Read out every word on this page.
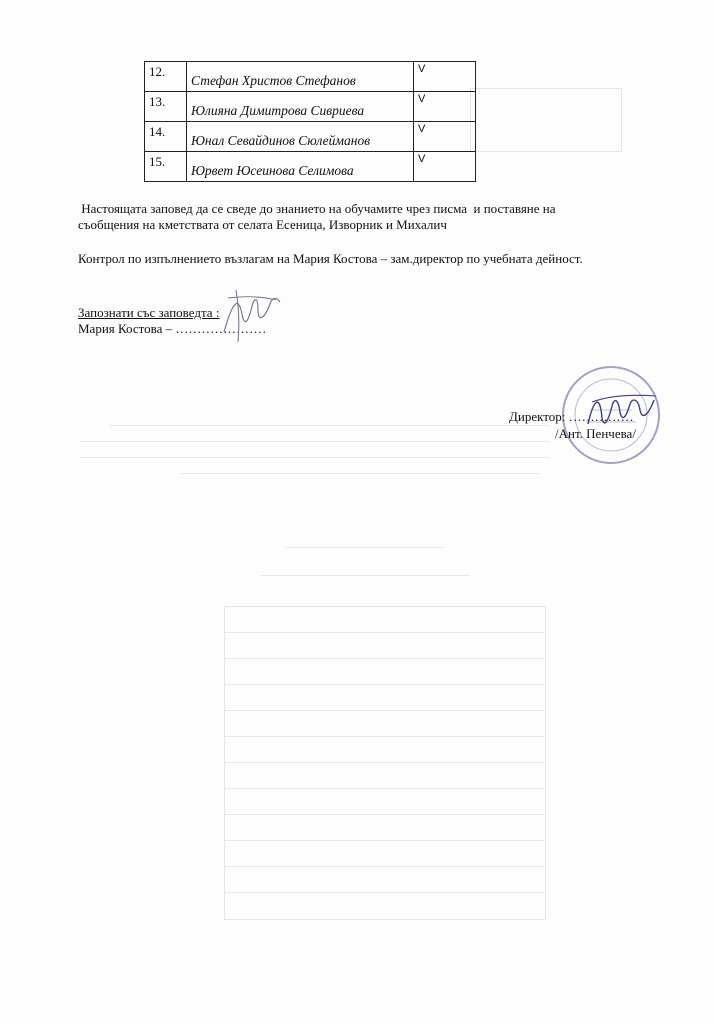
12.	Стефан Христов Стефанов	V
13.	Юлияна Димитрова Сивриева	V
14.	Юнал Севайдинов Сюлейманов	V
15.	Юрвет Юсеинова Селимова	V
Настоящата заповед да се сведе до знанието на обучамите чрез писма  и поставяне на
съобщения на кметствата от селата Есеница, Изворник и Михалич
Контрол по изпълнението възлагам на Мария Костова – зам.директор по учебната дейност.
Запознати със заповедта :
Мария Костова – …………………
Директор: ……………
/Ант. Пенчева/
